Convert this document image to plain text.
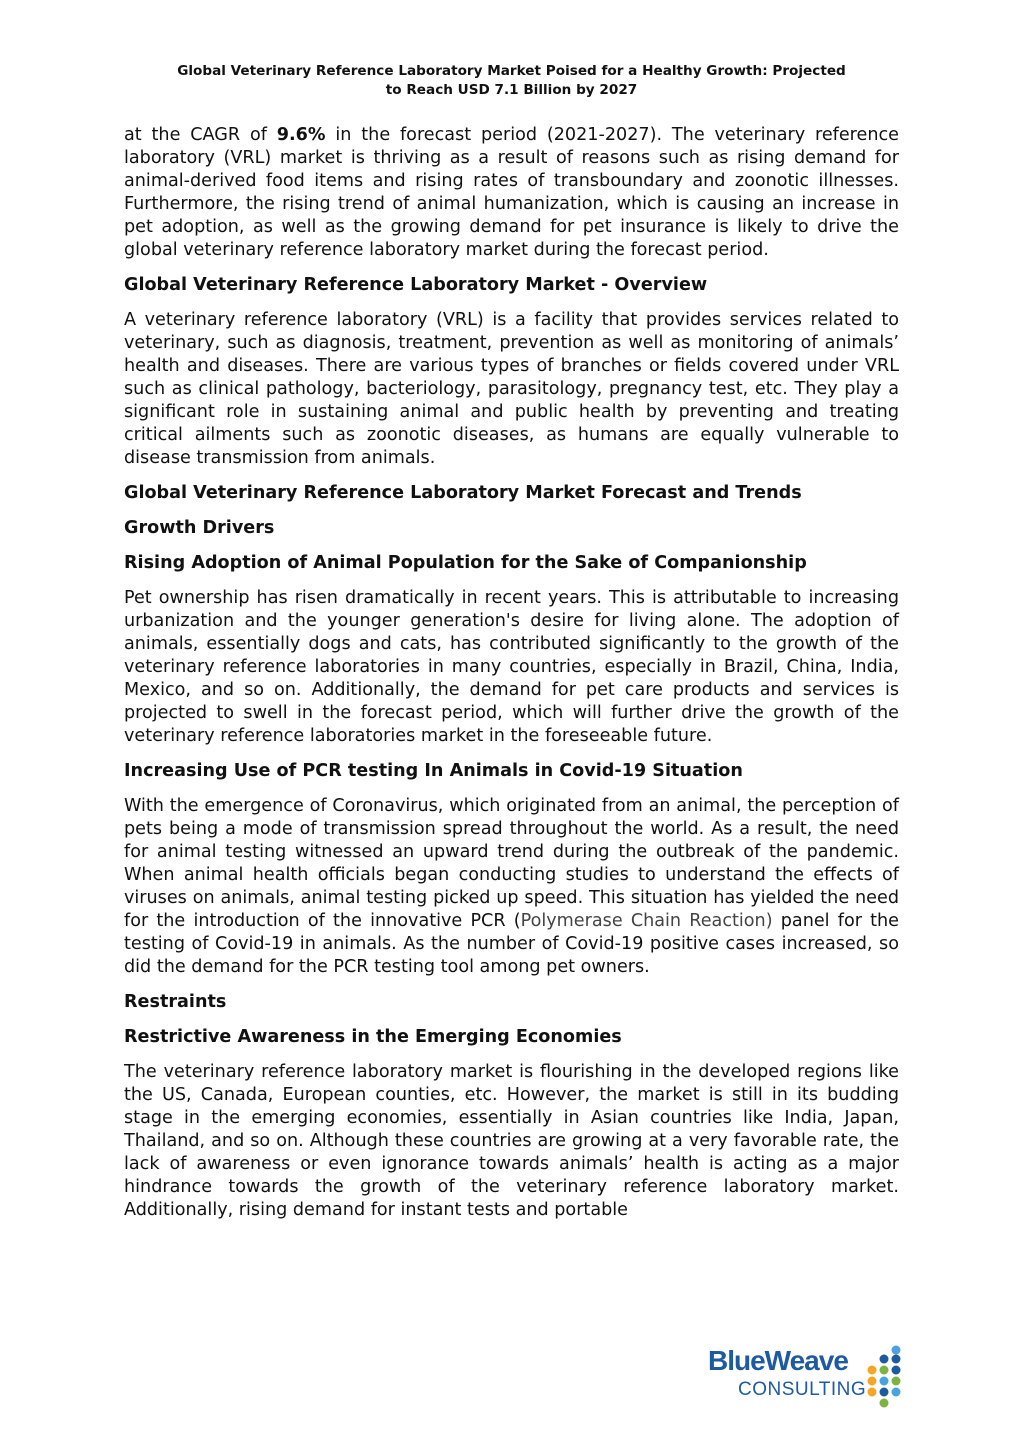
Global Veterinary Reference Laboratory Market Poised for a Healthy Growth: Projected
to Reach USD 7.1 Billion by 2027

at the CAGR of 9.6% in the forecast period (2021-2027). The veterinary reference laboratory (VRL) market is thriving as a result of reasons such as rising demand for animal-derived food items and rising rates of transboundary and zoonotic illnesses. Furthermore, the rising trend of animal humanization, which is causing an increase in pet adoption, as well as the growing demand for pet insurance is likely to drive the global veterinary reference laboratory market during the forecast period.

Global Veterinary Reference Laboratory Market - Overview

A veterinary reference laboratory (VRL) is a facility that provides services related to veterinary, such as diagnosis, treatment, prevention as well as monitoring of animals’ health and diseases. There are various types of branches or fields covered under VRL such as clinical pathology, bacteriology, parasitology, pregnancy test, etc. They play a significant role in sustaining animal and public health by preventing and treating critical ailments such as zoonotic diseases, as humans are equally vulnerable to disease transmission from animals.

Global Veterinary Reference Laboratory Market Forecast and Trends
Growth Drivers
Rising Adoption of Animal Population for the Sake of Companionship

Pet ownership has risen dramatically in recent years. This is attributable to increasing urbanization and the younger generation's desire for living alone. The adoption of animals, essentially dogs and cats, has contributed significantly to the growth of the veterinary reference laboratories in many countries, especially in Brazil, China, India, Mexico, and so on. Additionally, the demand for pet care products and services is projected to swell in the forecast period, which will further drive the growth of the veterinary reference laboratories market in the foreseeable future.

Increasing Use of PCR testing In Animals in Covid-19 Situation

With the emergence of Coronavirus, which originated from an animal, the perception of pets being a mode of transmission spread throughout the world. As a result, the need for animal testing witnessed an upward trend during the outbreak of the pandemic. When animal health officials began conducting studies to understand the effects of viruses on animals, animal testing picked up speed. This situation has yielded the need for the introduction of the innovative PCR (Polymerase Chain Reaction) panel for the testing of Covid-19 in animals. As the number of Covid-19 positive cases increased, so did the demand for the PCR testing tool among pet owners.

Restraints
Restrictive Awareness in the Emerging Economies

The veterinary reference laboratory market is flourishing in the developed regions like the US, Canada, European counties, etc. However, the market is still in its budding stage in the emerging economies, essentially in Asian countries like India, Japan, Thailand, and so on. Although these countries are growing at a very favorable rate, the lack of awareness or even ignorance towards animals’ health is acting as a major hindrance towards the growth of the veterinary reference laboratory market. Additionally, rising demand for instant tests and portable

BlueWeave
CONSULTING
